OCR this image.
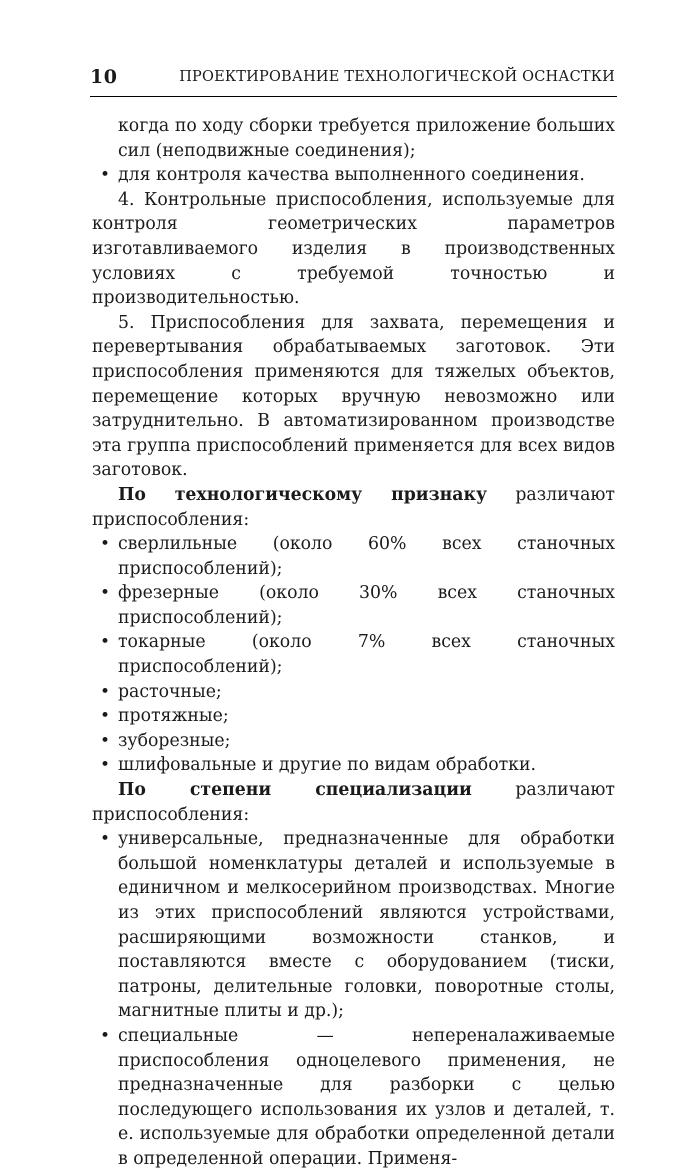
10	ПРОЕКТИРОВАНИЕ ТЕХНОЛОГИЧЕСКОЙ ОСНАСТКИ

когда по ходу сборки требуется приложение больших сил (неподвижные соединения);

• для контроля качества выполненного соединения.

4. Контрольные приспособления, используемые для контроля геометрических параметров изготавливаемого изделия в производственных условиях с требуемой точностью и производительностью.

5. Приспособления для захвата, перемещения и перевертывания обрабатываемых заготовок. Эти приспособления применяются для тяжелых объектов, перемещение которых вручную невозможно или затруднительно. В автоматизированном производстве эта группа приспособлений применяется для всех видов заготовок.

По технологическому признаку различают приспособления:

• сверлильные (около 60% всех станочных приспособлений);
• фрезерные (около 30% всех станочных приспособлений);
• токарные (около 7% всех станочных приспособлений);
• расточные;
• протяжные;
• зуборезные;
• шлифовальные и другие по видам обработки.

По степени специализации различают приспособления:

• универсальные, предназначенные для обработки большой номенклатуры деталей и используемые в единичном и мелкосерийном производствах. Многие из этих приспособлений являются устройствами, расширяющими возможности станков, и поставляются вместе с оборудованием (тиски, патроны, делительные головки, поворотные столы, магнитные плиты и др.);
• специальные — непереналаживаемые приспособления одноцелевого применения, не предназначенные для разборки с целью последующего использования их узлов и деталей, т. е. используемые для обработки определенной детали в определенной операции. Применя-
